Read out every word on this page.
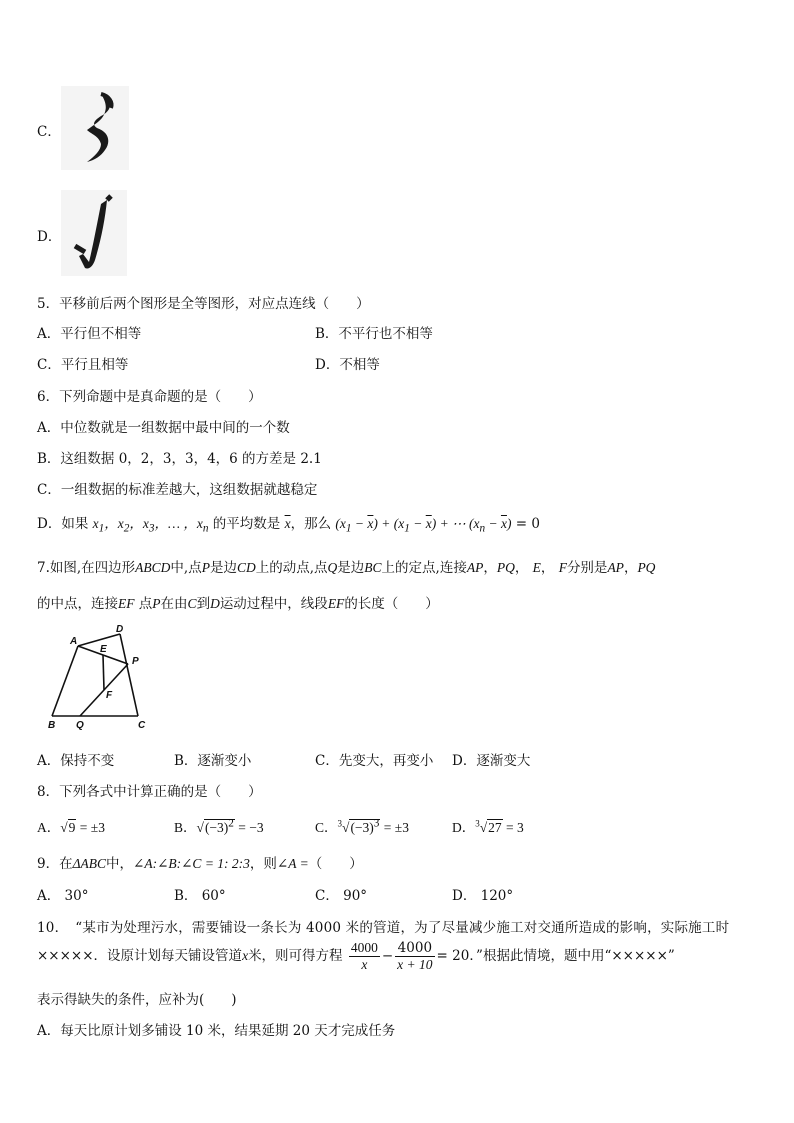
C．
D．
5．平移前后两个图形是全等图形，对应点连线（　　）
A．平行但不相等	B．不平行也不相等
C．平行且相等	D．不相等
6．下列命题中是真命题的是（　　）
A．中位数就是一组数据中最中间的一个数
B．这组数据 0，2，3，3，4，6 的方差是 2.1
C．一组数据的标准差越大，这组数据就越稳定
D．如果 $x_1$，$x_2$，$x_3$，… ，$x_n$ 的平均数是 $\overline{x}$，那么 $(x_1 - \overline{x}) + (x_1 - \overline{x})$ + ⋯ $(x_n - \overline{x}) = 0$
7.如图,在四边形ABCD中,点P是边CD上的动点,点Q是边BC上的定点,连接AP，PQ， E， F分别是AP，PQ
的中点，连接EF 点P在由C到D运动过程中，线段EF的长度（　　）
A
D
E
P
F
B Q	C
A．保持不变	B．逐渐变小	C．先变大，再变小 D．逐渐变大
8．下列各式中计算正确的是（　　）
A．√9 = ±3	B．$√(-3)^2 = -3$	C．$^3√(-3)^3 = \pm 3$	D．$^3$√27 = 3
9．在ΔABC中，∠A:∠B:∠C = 1: 2:3，则∠A =（　　）
A． 30°	B． 60°	C． 90°	D． 120°
10．　“某市为处理污水，需要铺设一条长为 4000 米的管道，为了尽量减少施工对交通所造成的影响，实际施工时
×××××．设原计划每天铺设管道x米，则可得方程 $\frac{4000}{x} - \frac{4000}{x + 10} = 20$．”根据此情境，题中用“×××××”
表示得缺失的条件，应补为(　　)
A．每天比原计划多铺设 10 米，结果延期 20 天才完成任务
